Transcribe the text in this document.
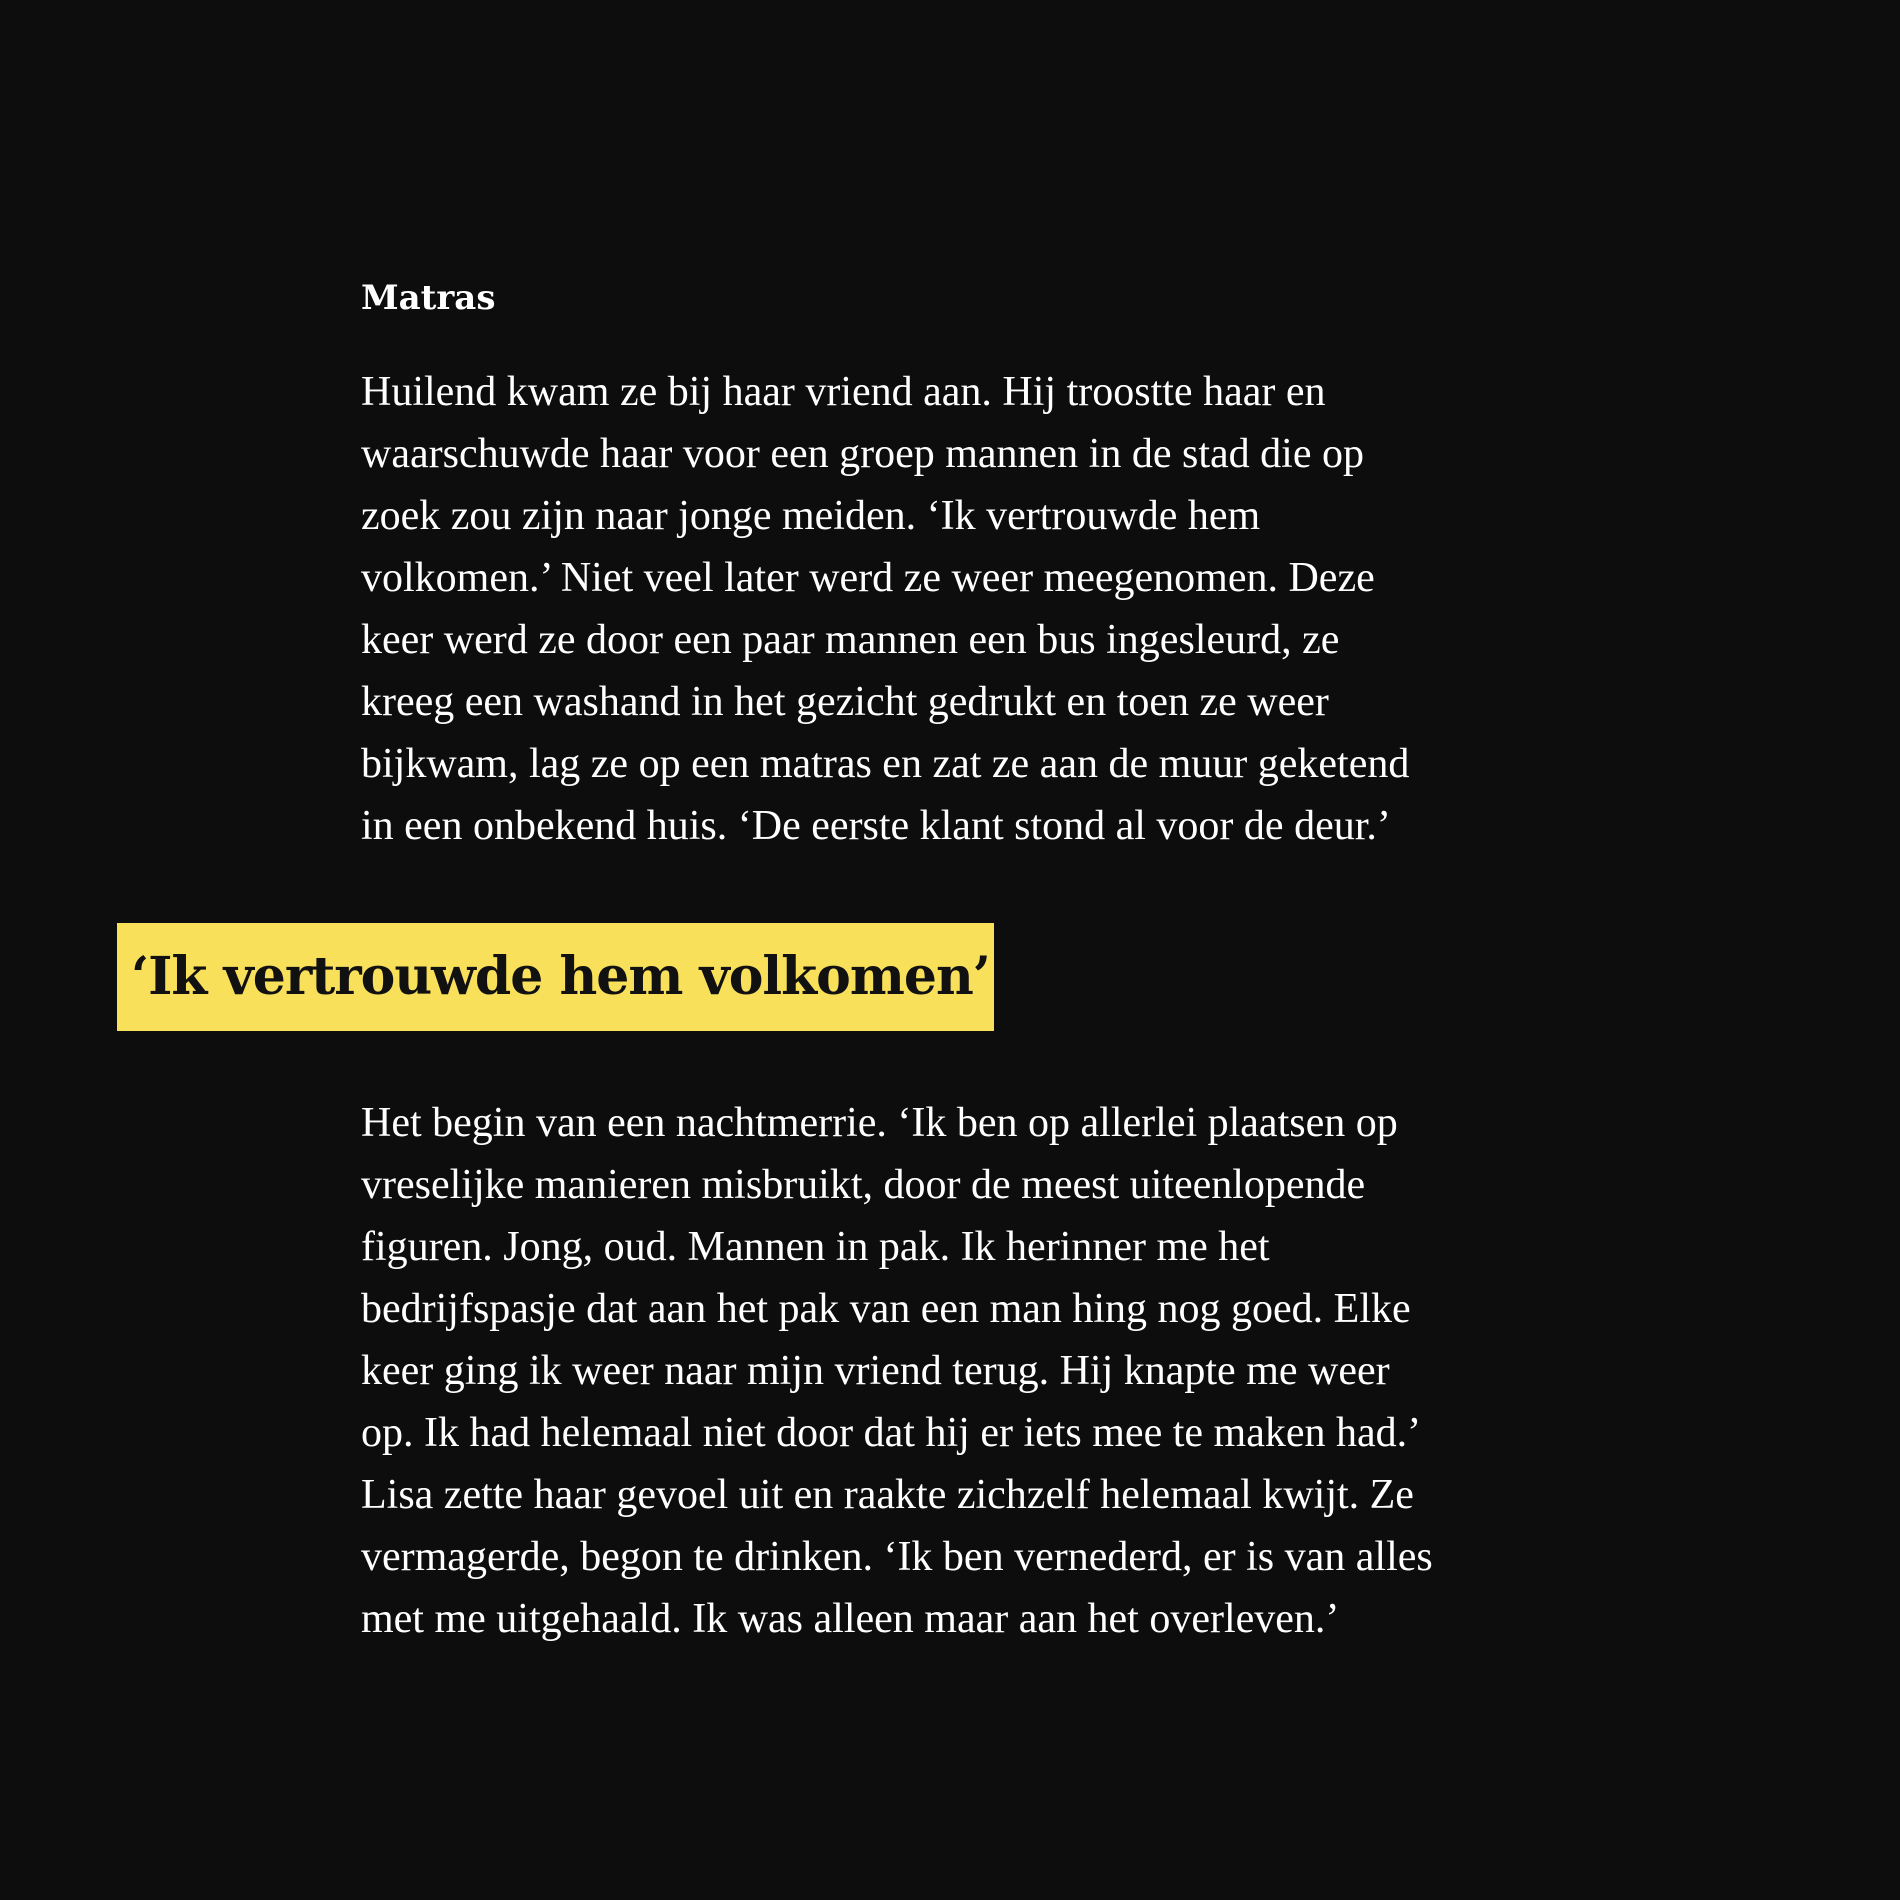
Matras

Huilend kwam ze bij haar vriend aan. Hij troostte haar en
waarschuwde haar voor een groep mannen in de stad die op
zoek zou zijn naar jonge meiden. ‘Ik vertrouwde hem
volkomen.’ Niet veel later werd ze weer meegenomen. Deze
keer werd ze door een paar mannen een bus ingesleurd, ze
kreeg een washand in het gezicht gedrukt en toen ze weer
bijkwam, lag ze op een matras en zat ze aan de muur geketend
in een onbekend huis. ‘De eerste klant stond al voor de deur.’

‘Ik vertrouwde hem volkomen’

Het begin van een nachtmerrie. ‘Ik ben op allerlei plaatsen op
vreselijke manieren misbruikt, door de meest uiteenlopende
figuren. Jong, oud. Mannen in pak. Ik herinner me het
bedrijfspasje dat aan het pak van een man hing nog goed. Elke
keer ging ik weer naar mijn vriend terug. Hij knapte me weer
op. Ik had helemaal niet door dat hij er iets mee te maken had.’
Lisa zette haar gevoel uit en raakte zichzelf helemaal kwijt. Ze
vermagerde, begon te drinken. ‘Ik ben vernederd, er is van alles
met me uitgehaald. Ik was alleen maar aan het overleven.’
